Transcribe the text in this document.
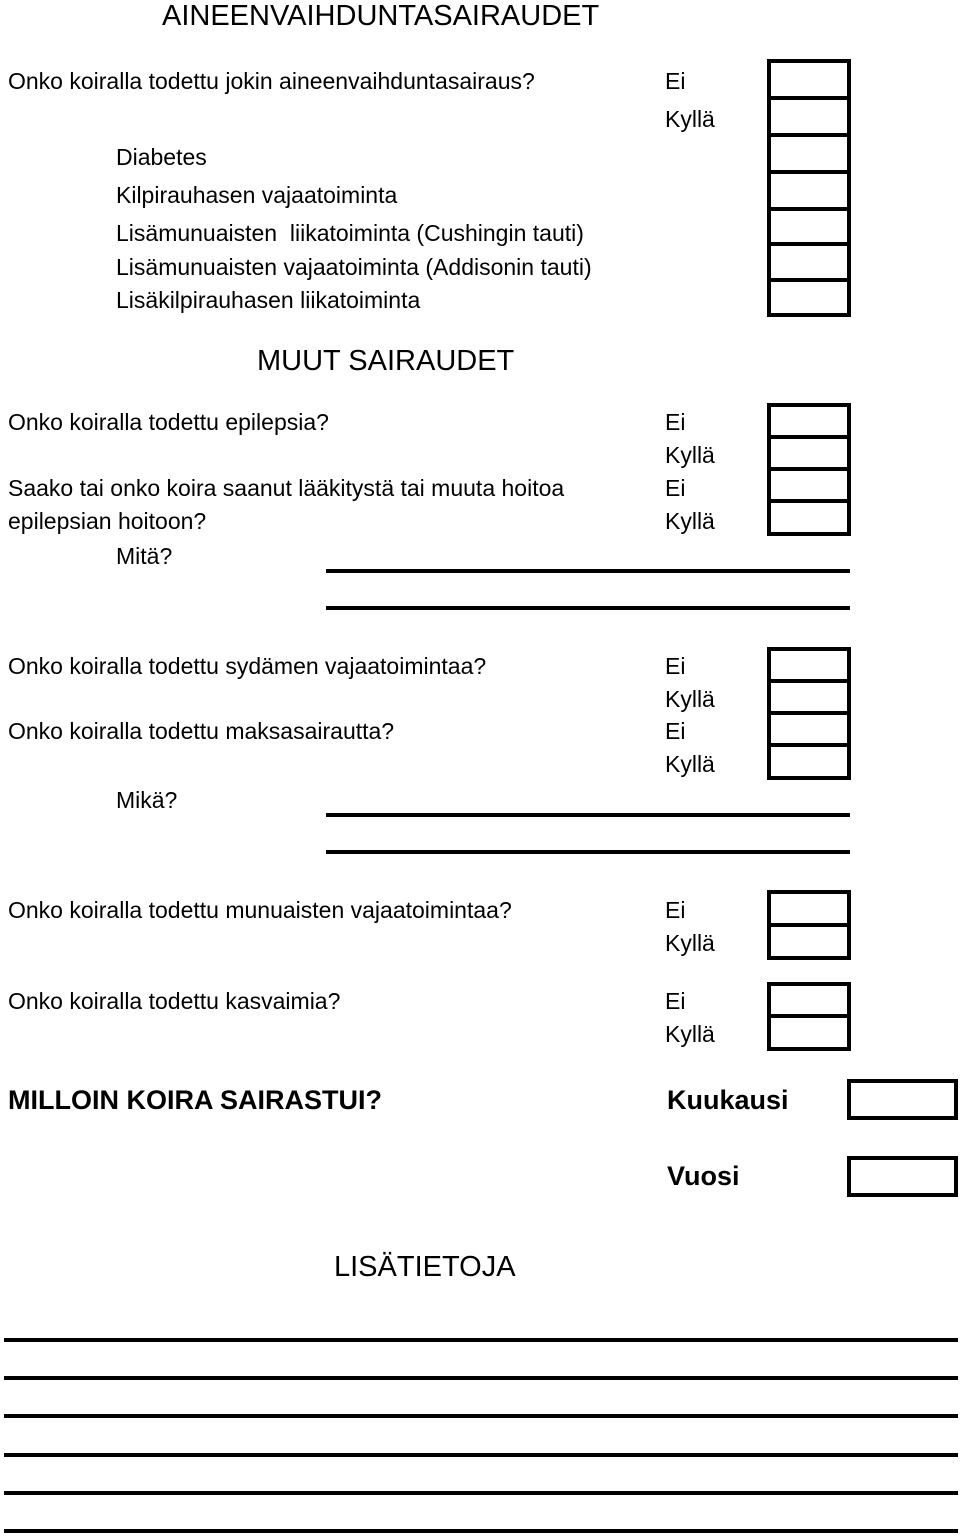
AINEENVAIHDUNTASAIRAUDET
Onko koiralla todettu jokin aineenvaihduntasairaus?	Ei
Kyllä
Diabetes
Kilpirauhasen vajaatoiminta
Lisämunuaisten  liikatoiminta (Cushingin tauti)
Lisämunuaisten vajaatoiminta (Addisonin tauti)
Lisäkilpirauhasen liikatoiminta
MUUT SAIRAUDET
Onko koiralla todettu epilepsia?	Ei
Kyllä
Saako tai onko koira saanut lääkitystä tai muuta hoitoa
epilepsian hoitoon?
Ei
Kyllä
Mitä?
Onko koiralla todettu sydämen vajaatoimintaa?	Ei
Kyllä
Onko koiralla todettu maksasairautta?	Ei
Kyllä
Mikä?
Onko koiralla todettu munuaisten vajaatoimintaa?	Ei
Kyllä
Onko koiralla todettu kasvaimia?	Ei
Kyllä
MILLOIN KOIRA SAIRASTUI?	Kuukausi
Vuosi
LISÄTIETOJA
